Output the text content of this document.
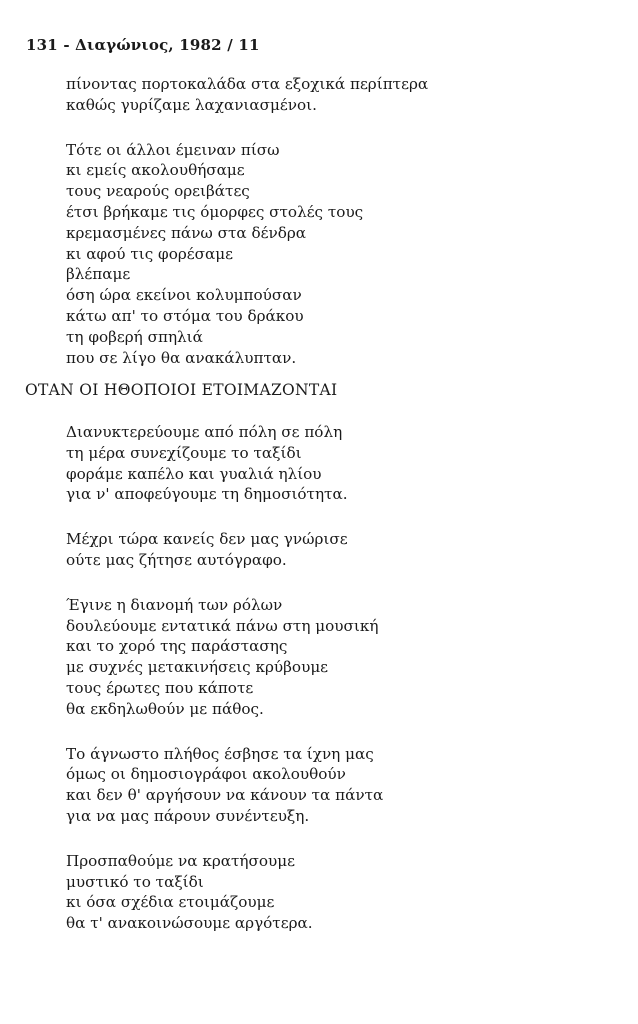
131 - Διαγώνιος, 1982 / 11
πίνοντας πορτοκαλάδα στα εξοχικά περίπτερα
καθώς γυρίζαμε λαχανιασμένοι.
Τότε οι άλλοι έμειναν πίσω
κι εμείς ακολουθήσαμε
τους νεαρούς ορειβάτες
έτσι βρήκαμε τις όμορφες στολές τους
κρεμασμένες πάνω στα δένδρα
κι αφού τις φορέσαμε
βλέπαμε
όση ώρα εκείνοι κολυμπούσαν
κάτω απ' το στόμα του δράκου
τη φοβερή σπηλιά
που σε λίγο θα ανακάλυπταν.
ΟΤΑΝ ΟΙ ΗΘΟΠΟΙΟΙ ΕΤΟΙΜΑΖΟΝΤΑΙ
Διανυκτερεύουμε από πόλη σε πόλη
τη μέρα συνεχίζουμε το ταξίδι
φοράμε καπέλο και γυαλιά ηλίου
για ν' αποφεύγουμε τη δημοσιότητα.
Μέχρι τώρα κανείς δεν μας γνώρισε
ούτε μας ζήτησε αυτόγραφο.
Έγινε η διανομή των ρόλων
δουλεύουμε εντατικά πάνω στη μουσική
και το χορό της παράστασης
με συχνές μετακινήσεις κρύβουμε
τους έρωτες που κάποτε
θα εκδηλωθούν με πάθος.
Το άγνωστο πλήθος έσβησε τα ίχνη μας
όμως οι δημοσιογράφοι ακολουθούν
και δεν θ' αργήσουν να κάνουν τα πάντα
για να μας πάρουν συνέντευξη.
Προσπαθούμε να κρατήσουμε
μυστικό το ταξίδι
κι όσα σχέδια ετοιμάζουμε
θα τ' ανακοινώσουμε αργότερα.
